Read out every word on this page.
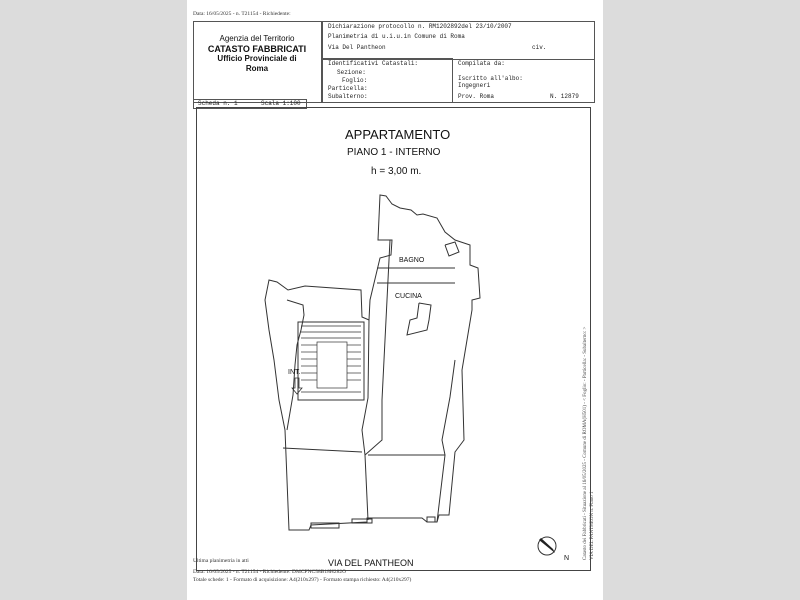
Data: 16/05/2025 - n. T21154 - Richiedente:
Agenzia del Territorio
CATASTO FABBRICATI
Ufficio Provinciale di
Roma
Dichiarazione protocollo n. RM1202892del 23/10/2007
Planimetria di u.i.u.in Comune di Roma
Via Del Pantheon	civ.
Identificativi Catastali:
Sezione:
Foglio:
Particella:
Subalterno:
Compilata da:
Iscritto all'albo:
Ingegneri
Prov. Roma	N. 12879
Scheda n. 1	Scala 1:100
APPARTAMENTO
PIANO 1 - INTERNO
h = 3,00 m.
BAGNO
CUCINA
INT.
VIA DEL PANTHEON	N
Ultima planimetria in atti
Data: 16/05/2025 - n. T21154 - Richiedente: DMCFNC58B18H282O
Totale schede: 1 - Formato di acquisizione: A4(210x297) - Formato stampa richiesto: A4(210x297)
Catasto dei Fabbricati - Situazione al 16/05/2025 - Comune di ROMA(H501) - < Foglio: - Particella: - Subalterno: > VIA DEL PANTHEON n. Piano 1
